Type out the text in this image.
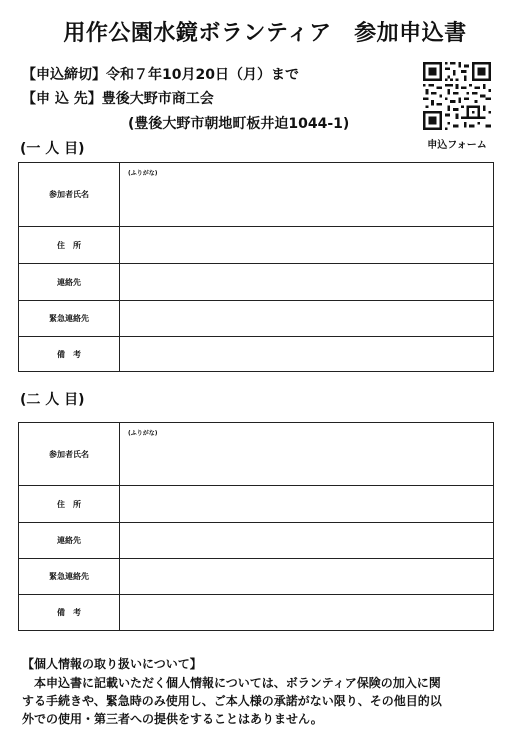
用作公園水鏡ボランティア　参加申込書
【申込締切】令和７年10月20日（月）まで
【申 込 先】豊後大野市商工会
(豊後大野市朝地町板井迫1044-1)
申込フォーム
(一 人 目)
参加者氏名	(ふりがな)

住　所	
連絡先	
緊急連絡先	
備　考	
(二 人 目)
参加者氏名	(ふりがな)

住　所	
連絡先	
緊急連絡先	
備　考	
【個人情報の取り扱いについて】
本申込書に記載いただく個人情報については、ボランティア保険の加入に関
する手続きや、緊急時のみ使用し、ご本人様の承諾がない限り、その他目的以
外での使用・第三者への提供をすることはありません。
